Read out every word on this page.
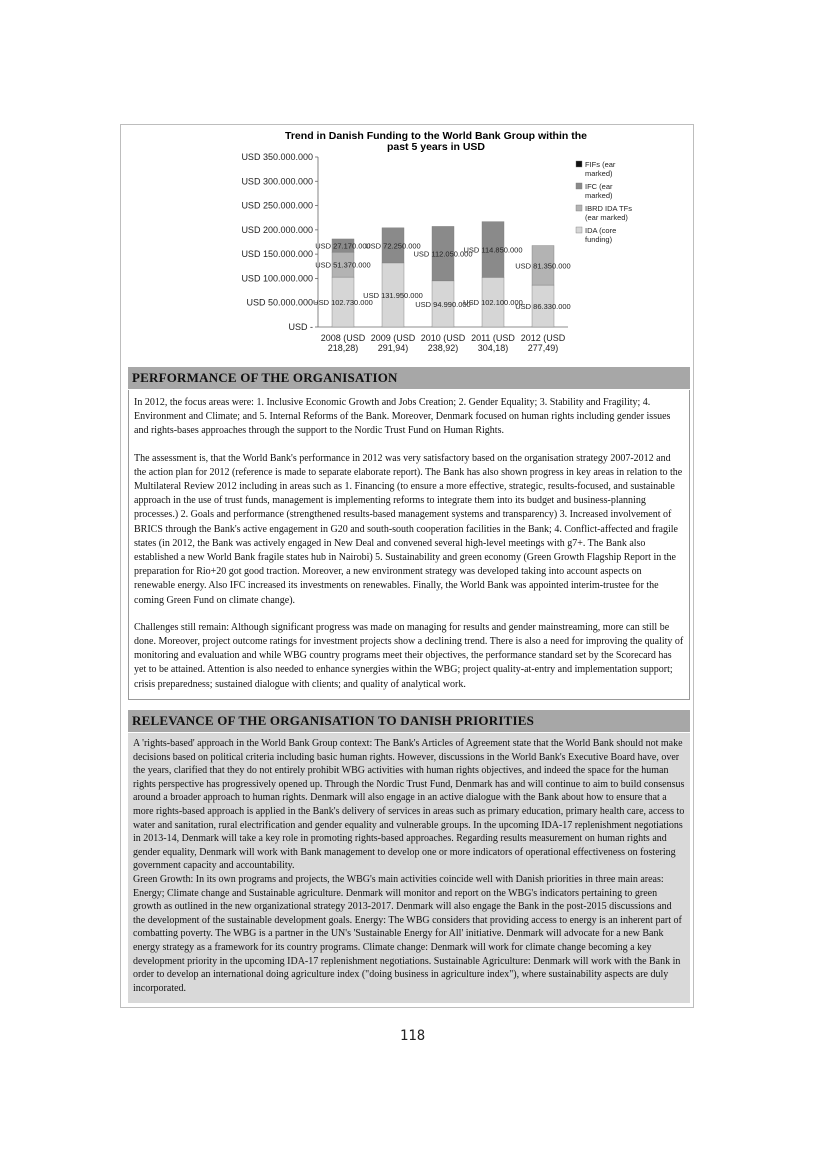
Trend in Danish Funding to the World Bank Group within the
past 5 years in USD
USD -
USD 50.000.000
USD 100.000.000
USD 150.000.000
USD 200.000.000
USD 250.000.000
USD 300.000.000
USD 350.000.000
USD 102.730.000
USD 51.370.000
USD 27.170.000
2008 (USD
218,28)
USD 131.950.000
USD 72.250.000
2009 (USD
291,94)
USD 94.990.000
USD 112.050.000
2010 (USD
238,92)
USD 102.100.000
USD 114.850.000
2011 (USD
304,18)
USD 86.330.000
USD 81.350.000
2012 (USD
277,49)
FIFs (ear
marked)
IFC (ear
marked)
IBRD IDA TFs
(ear marked)
IDA (core
funding)
PERFORMANCE OF THE ORGANISATION

In 2012, the focus areas were: 1. Inclusive Economic Growth and Jobs Creation; 2. Gender Equality; 3. Stability and Fragility; 4. Environment and Climate; and 5. Internal Reforms of the Bank. Moreover, Denmark focused on human rights including gender issues and rights-bases approaches through the support to the Nordic Trust Fund on Human Rights.

The assessment is, that the World Bank's performance in 2012 was very satisfactory based on the organisation strategy 2007-2012 and the action plan for 2012 (reference is made to separate elaborate report). The Bank has also shown progress in key areas in relation to the Multilateral Review 2012 including in areas such as 1. Financing (to ensure a more effective, strategic, results-focused, and sustainable approach in the use of trust funds, management is implementing reforms to integrate them into its budget and business-planning processes.) 2. Goals and performance (strengthened results-based management systems and transparency) 3. Increased involvement of BRICS through the Bank's active engagement in G20 and south-south cooperation facilities in the Bank; 4. Conflict-affected and fragile states (in 2012, the Bank was actively engaged in New Deal and convened several high-level meetings with g7+. The Bank also established a new World Bank fragile states hub in Nairobi) 5. Sustainability and green economy (Green Growth Flagship Report in the preparation for Rio+20 got good traction. Moreover, a new environment strategy was developed taking into account aspects on renewable energy. Also IFC increased its investments on renewables. Finally, the World Bank was appointed interim-trustee for the coming Green Fund on climate change).

Challenges still remain: Although significant progress was made on managing for results and gender mainstreaming, more can still be done. Moreover, project outcome ratings for investment projects show a declining trend. There is also a need for improving the quality of monitoring and evaluation and while WBG country programs meet their objectives, the performance standard set by the Scorecard has yet to be attained. Attention is also needed to enhance synergies within the WBG; project quality-at-entry and implementation support; crisis preparedness; sustained dialogue with clients; and quality of analytical work.

RELEVANCE OF THE ORGANISATION TO DANISH PRIORITIES

A 'rights-based' approach in the World Bank Group context: The Bank's Articles of Agreement state that the World Bank should not make decisions based on political criteria including basic human rights. However, discussions in the World Bank's Executive Board have, over the years, clarified that they do not entirely prohibit WBG activities with human rights objectives, and indeed the space for the human rights perspective has progressively opened up. Through the Nordic Trust Fund, Denmark has and will continue to aim to build consensus around a broader approach to human rights. Denmark will also engage in an active dialogue with the Bank about how to ensure that a more rights-based approach is applied in the Bank's delivery of services in areas such as primary education, primary health care, access to water and sanitation, rural electrification and gender equality and vulnerable groups. In the upcoming IDA-17 replenishment negotiations in 2013-14, Denmark will take a key role in promoting rights-based approaches. Regarding results measurement on human rights and gender equality, Denmark will work with Bank management to develop one or more indicators of operational effectiveness on fostering government capacity and accountability.

Green Growth: In its own programs and projects, the WBG's main activities coincide well with Danish priorities in three main areas: Energy; Climate change and Sustainable agriculture. Denmark will monitor and report on the WBG's indicators pertaining to green growth as outlined in the new organizational strategy 2013-2017. Denmark will also engage the Bank in the post-2015 discussions and the development of the sustainable development goals. Energy: The WBG considers that providing access to energy is an inherent part of combatting poverty. The WBG is a partner in the UN's 'Sustainable Energy for All' initiative. Denmark will advocate for a new Bank energy strategy as a framework for its country programs. Climate change: Denmark will work for climate change becoming a key development priority in the upcoming IDA-17 replenishment negotiations. Sustainable Agriculture: Denmark will work with the Bank in order to develop an international doing agriculture index ("doing business in agriculture index"), where sustainability aspects are duly incorporated.

118
